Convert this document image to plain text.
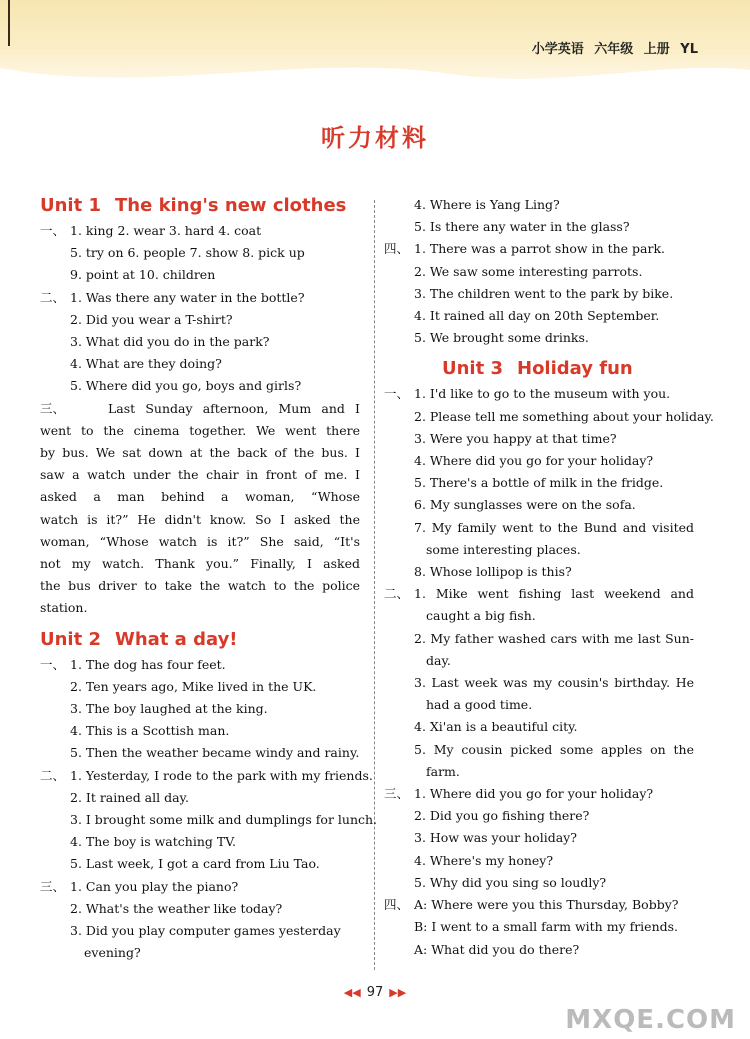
小学英语 六年级 上册 YL
听力材料
Unit 1 The king's new clothes
一、 1. king 2. wear 3. hard 4. coat
5. try on 6. people 7. show 8. pick up
9. point at 10. children
二、 1. Was there any water in the bottle?
2. Did you wear a T-shirt?
3. What did you do in the park?
4. What are they doing?
5. Where did you go, boys and girls?
三、	Last Sunday afternoon, Mum and I
went to the cinema together. We went there
by bus. We sat down at the back of the bus. I
saw a watch under the chair in front of me. I
asked a man behind a woman, “Whose
watch is it?” He didn't know. So I asked the
woman, “Whose watch is it?” She said, “It's
not my watch. Thank you.” Finally, I asked
the bus driver to take the watch to the police
station.
Unit 2 What a day!
一、 1. The dog has four feet.
2. Ten years ago, Mike lived in the UK.
3. The boy laughed at the king.
4. This is a Scottish man.
5. Then the weather became windy and rainy.
二、 1. Yesterday, I rode to the park with my friends.
2. It rained all day.
3. I brought some milk and dumplings for lunch.
4. The boy is watching TV.
5. Last week, I got a card from Liu Tao.
三、 1. Can you play the piano?
2. What's the weather like today?
3. Did you play computer games yesterday
evening?
4. Where is Yang Ling?
5. Is there any water in the glass?
四、 1. There was a parrot show in the park.
2. We saw some interesting parrots.
3. The children went to the park by bike.
4. It rained all day on 20th September.
5. We brought some drinks.
Unit 3 Holiday fun
一、 1. I'd like to go to the museum with you.
2. Please tell me something about your holiday.
3. Were you happy at that time?
4. Where did you go for your holiday?
5. There's a bottle of milk in the fridge.
6. My sunglasses were on the sofa.
7. My family went to the Bund and visited
some interesting places.
8. Whose lollipop is this?
二、 1. Mike went fishing last weekend and
caught a big fish.
2. My father washed cars with me last Sun-
day.
3. Last week was my cousin's birthday. He
had a good time.
4. Xi'an is a beautiful city.
5. My cousin picked some apples on the
farm.
三、 1. Where did you go for your holiday?
2. Did you go fishing there?
3. How was your holiday?
4. Where's my honey?
5. Why did you sing so loudly?
四、 A: Where were you this Thursday, Bobby?
B: I went to a small farm with my friends.
A: What did you do there?
◀◀ 97 ▶▶
MXQE.COM
